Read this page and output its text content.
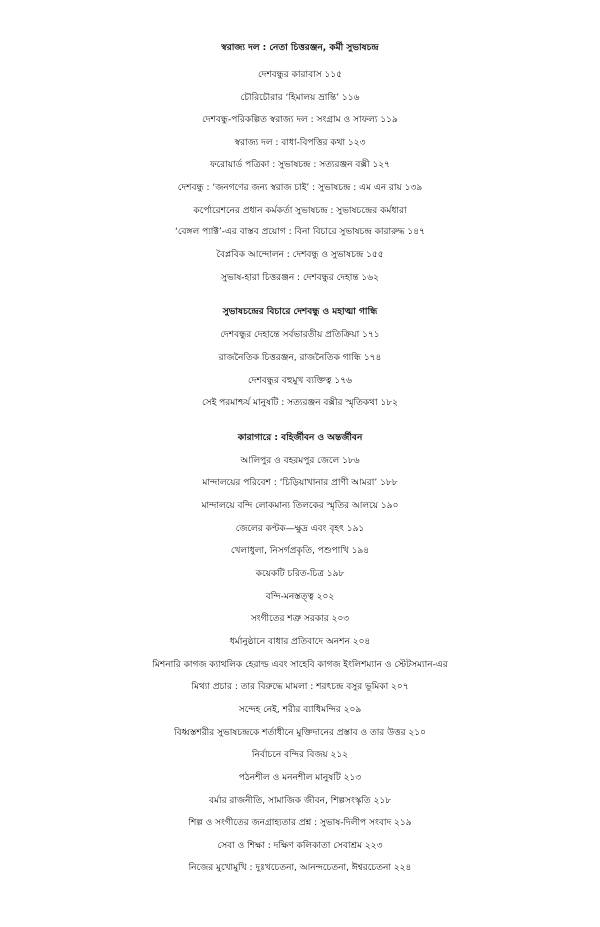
স্বরাজ্য দল : নেতা চিত্তরঞ্জন, কর্মী সুভাষচন্দ্র
দেশবন্ধুর কারাবাস ১১৫
চৌরিচৌরার ‘হিমালয় ভ্রান্তি’ ১১৬
দেশবন্ধু-পরিকল্পিত স্বরাজ্য দল : সংগ্রাম ও সাফল্য ১১৯
স্বরাজ্য দল : বাধা-বিপত্তির কথা ১২৩
ফরোয়ার্ড পত্রিকা : সুভাষচন্দ্র : সত্যরঞ্জন বক্সী ১২৭
দেশবন্ধু : ‘জনগণের জন্য স্বরাজ চাই’ : সুভাষচন্দ্র : এম এন রায় ১৩৯
কর্পোরেশনের প্রধান কর্মকর্তা সুভাষচন্দ্র : সুভাষচন্দ্রের কর্মধারা
‘বেঙ্গল প্যাক্ট’-এর বাস্তব প্রয়োগ : বিনা বিচারে সুভাষচন্দ্র কারারুদ্ধ ১৪৭
বৈপ্লবিক আন্দোলন : দেশবন্ধু ও সুভাষচন্দ্র ১৫৫
সুভাষ-হারা চিত্তরঞ্জন : দেশবন্ধুর দেহান্ত ১৬২
সুভাষচন্দ্রের বিচারে দেশবন্ধু ও মহাত্মা গান্ধি
দেশবন্ধুর দেহান্তে সর্বভারতীয় প্রতিক্রিয়া ১৭১
রাজনৈতিক চিত্তরঞ্জন, রাজনৈতিক গান্ধি ১৭৪
দেশবন্ধুর বহুমুখ ব্যক্তিত্ব ১৭৬
সেই পরমাশ্চর্য মানুষটি : সত্যরঞ্জন বক্সীর স্মৃতিকথা ১৮২
কারাগারে : বহির্জীবন ও অন্তর্জীবন
আলিপুর ও বহরমপুর জেলে ১৮৬
মান্দালয়ের পরিবেশ : ‘চিড়িয়াখানার প্রাণী আমরা’ ১৮৮
মান্দালয়ে বন্দি লোকমান্য তিলকের স্মৃতির আলয়ে ১৯০
জেলের কণ্টক—ক্ষুদ্র এবং বৃহৎ ১৯১
খেলাধুলা, নিসর্গপ্রকৃতি, পশুপাখি ১৯৪
কয়েকটি চরিত-চিত্র ১৯৮
বন্দি-মনস্তত্ত্ব ২০২
সংগীতের শত্রু সরকার ২০৩
ধর্মানুষ্ঠানে বাধার প্রতিবাদে অনশন ২০৪
মিশনারি কাগজ ক্যাথলিক হেরাল্ড এবং সাহেবি কাগজ ইংলিশম্যান ও স্টেটসম্যান-এর
মিথ্যা প্রচার : তার বিরুদ্ধে মামলা : শরৎচন্দ্র বসুর ভূমিকা ২০৭
সন্দেহ নেই, শরীর ব্যাধিমন্দির ২০৯
বিধ্বস্তশরীর সুভাষচন্দ্রকে শর্তাধীনে মুক্তিদানের প্রস্তাব ও তার উত্তর ২১০
নির্বাচনে বন্দির বিজয় ২১২
পঠনশীল ও মননশীল মানুষটি ২১৩
বর্মার রাজনীতি, সামাজিক জীবন, শিল্পসংস্কৃতি ২১৮
শিল্প ও সংগীতের জনগ্রাহ্যতার প্রশ্ন : সুভাষ-দিলীপ সংবাদ ২১৯
সেবা ও শিক্ষা : দক্ষিণ কলিকাতা সেবাশ্রম ২২৩
নিজের মুখোমুখি : দুঃখচেতনা, আনন্দচেতনা, ঈশ্বরচেতনা ২২৪
